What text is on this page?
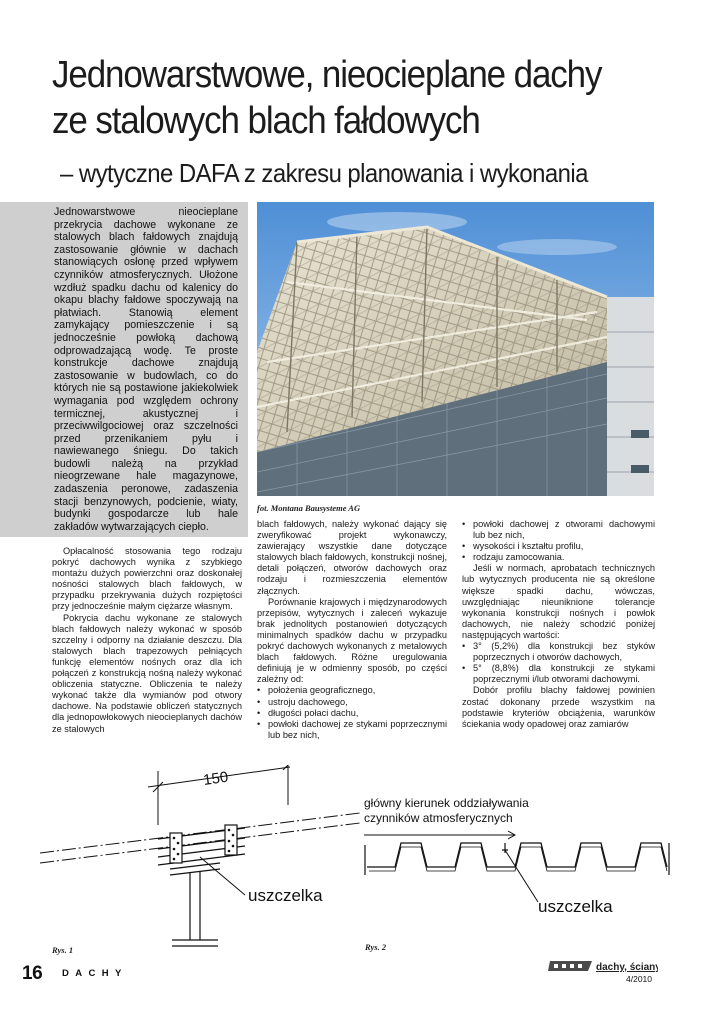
Jednowarstwowe, nieocieplane dachy ze stalowych blach fałdowych
– wytyczne DAFA z zakresu planowania i wykonania

Jednowarstwowe nieocieplane przekrycia dachowe wykonane ze stalowych blach fałdowych znajdują zastosowanie głównie w dachach stanowiących osłonę przed wpływem czynników atmosferycznych. Ułożone wzdłuż spadku dachu od kalenicy do okapu blachy fałdowe spoczywają na płatwiach. Stanowią element zamykający pomieszczenie i są jednocześnie powłoką dachową odprowadzającą wodę. Te proste konstrukcje dachowe znajdują zastosowanie w budowlach, co do których nie są postawione jakiekolwiek wymagania pod względem ochrony termicznej, akustycznej i przeciwwilgociowej oraz szczelności przed przenikaniem pyłu i nawiewanego śniegu. Do takich budowli należą na przykład nieogrzewane hale magazynowe, zadaszenia peronowe, zadaszenia stacji benzynowych, podcienie, wiaty, budynki gospodarcze lub hale zakładów wytwarzających ciepło.

fot. Montana Bausysteme AG

Opłacalność stosowania tego rodzaju pokryć dachowych wynika z szybkiego montażu dużych powierzchni oraz doskonałej nośności stalowych blach fałdowych, w przypadku przekrywania dużych rozpiętości przy jednocześnie małym ciężarze własnym.

Pokrycia dachu wykonane ze stalowych blach fałdowych należy wykonać w sposób szczelny i odporny na działanie deszczu. Dla stalowych blach trapezowych pełniących funkcję elementów nośnych oraz dla ich połączeń z konstrukcją nośną należy wykonać obliczenia statyczne. Obliczenia te należy wykonać także dla wymianów pod otwory dachowe. Na podstawie obliczeń statycznych dla jednopowłokowych nieocieplanych dachów ze stalowych

blach fałdowych, należy wykonać dający się zweryfikować projekt wykonawczy, zawierający wszystkie dane dotyczące stalowych blach fałdowych, konstrukcji nośnej, detali połączeń, otworów dachowych oraz rodzaju i rozmieszczenia elementów złącznych.

Porównanie krajowych i międzynarodowych przepisów, wytycznych i zaleceń wykazuje brak jednolitych postanowień dotyczących minimalnych spadków dachu w przypadku pokryć dachowych wykonanych z metalowych blach fałdowych. Różne uregulowania definiują je w odmienny sposób, po części zależny od:

• położenia geograficznego,
• ustroju dachowego,
• długości połaci dachu,
• powłoki dachowej ze stykami poprzecznymi lub bez nich,
• powłoki dachowej z otworami dachowymi lub bez nich,
• wysokości i kształtu profilu,
• rodzaju zamocowania.

Jeśli w normach, aprobatach technicznych lub wytycznych producenta nie są określone większe spadki dachu, wówczas, uwzględniając nieuniknione tolerancje wykonania konstrukcji nośnych i powłok dachowych, nie należy schodzić poniżej następujących wartości:

• 3° (5,2%) dla konstrukcji bez styków poprzecznych i otworów dachowych,
• 5° (8,8%) dla konstrukcji ze stykami poprzecznymi i/lub otworami dachowymi.

Dobór profilu blachy fałdowej powinien zostać dokonany przede wszystkim na podstawie kryteriów obciążenia, warunków ściekania wody opadowej oraz zamiarów

150
uszczelka

Rys. 1

główny kierunek oddziaływania
czynników atmosferycznych
uszczelka

Rys. 2

16 DACHY
dachy, ściany
4/2010
